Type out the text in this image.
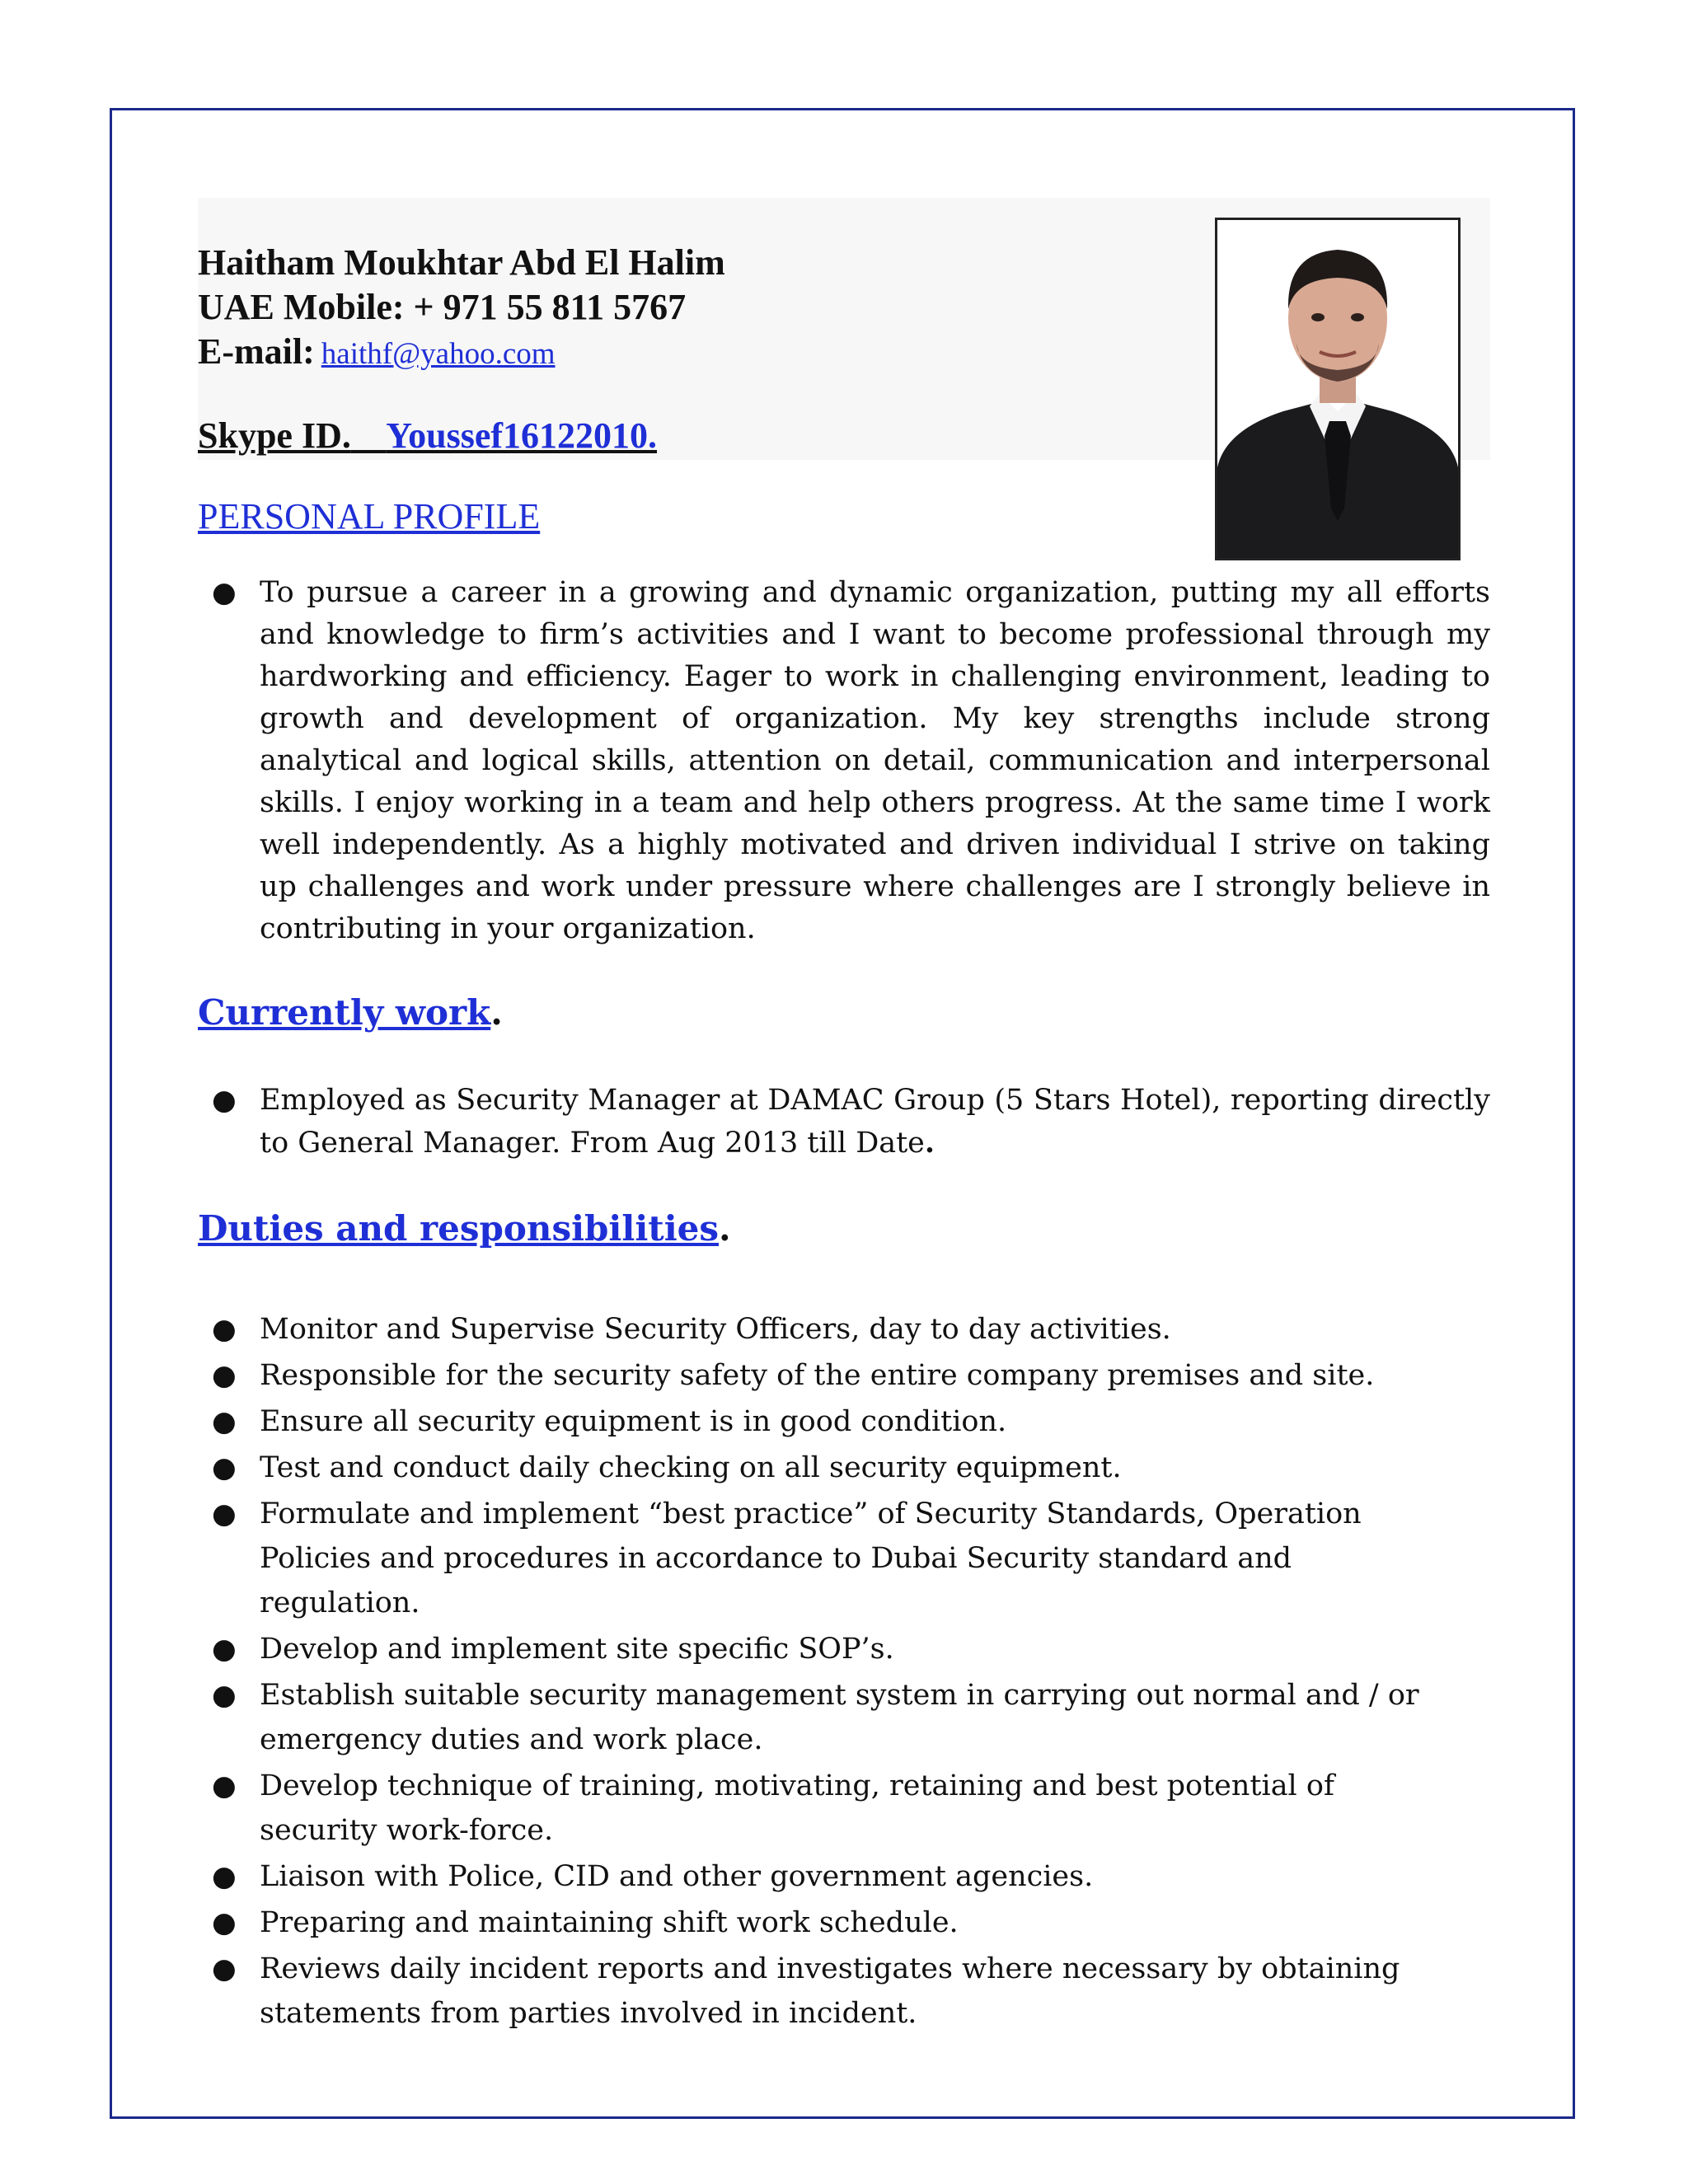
Haitham Moukhtar Abd El Halim
UAE Mobile: + 971 55 811 5767
E-mail: haithf@yahoo.com
Skype ID. Youssef16122010.
PERSONAL PROFILE
● To pursue a career in a growing and dynamic organization, putting my all efforts and knowledge to firm’s activities and I want to become professional through my hardworking and efficiency. Eager to work in challenging environment, leading to growth and development of organization. My key strengths include strong analytical and logical skills, attention on detail, communication and interpersonal skills. I enjoy working in a team and help others progress. At the same time I work well independently. As a highly motivated and driven individual I strive on taking up challenges and work under pressure where challenges are I strongly believe in contributing in your organization.
Currently work.
● Employed as Security Manager at DAMAC Group (5 Stars Hotel), reporting directly to General Manager. From Aug 2013 till Date.
Duties and responsibilities.
● Monitor and Supervise Security Officers, day to day activities.
● Responsible for the security safety of the entire company premises and site.
● Ensure all security equipment is in good condition.
● Test and conduct daily checking on all security equipment.
● Formulate and implement “best practice” of Security Standards, Operation Policies and procedures in accordance to Dubai Security standard and regulation.
● Develop and implement site specific SOP’s.
● Establish suitable security management system in carrying out normal and / or emergency duties and work place.
● Develop technique of training, motivating, retaining and best potential of security work-force.
● Liaison with Police, CID and other government agencies.
● Preparing and maintaining shift work schedule.
● Reviews daily incident reports and investigates where necessary by obtaining statements from parties involved in incident.
